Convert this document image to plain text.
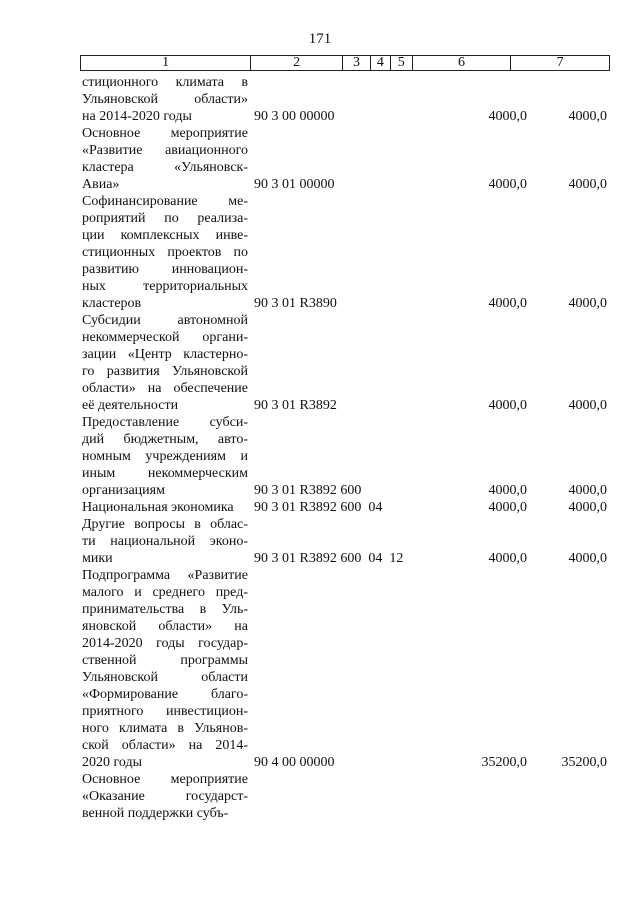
171
1	2	3	4 5	6	7
стиционного климата в
Ульяновской области»
на 2014-2020 годы	90 3 00 00000	4000,0	4000,0
Основное мероприятие
«Развитие авиационного
кластера «Ульяновск-
Авиа»	90 3 01 00000	4000,0	4000,0
Софинансирование ме-
роприятий по реализа-
ции комплексных инве-
стиционных проектов по
развитию инновацион-
ных территориальных
кластеров	90 3 01 R3890	4000,0	4000,0
Субсидии автономной
некоммерческой органи-
зации «Центр кластерно-
го развития Ульяновской
области» на обеспечение
её деятельности	90 3 01 R3892	4000,0	4000,0
Предоставление субси-
дий бюджетным, авто-
номным учреждениям и
иным некоммерческим
организациям	90 3 01 R3892 600	4000,0	4000,0
Национальная экономика	90 3 01 R3892 600  04	4000,0	4000,0
Другие вопросы в облас-
ти национальной эконо-
мики	90 3 01 R3892 600  04  12	4000,0	4000,0
Подпрограмма «Развитие
малого и среднего пред-
принимательства в Уль-
яновской области» на
2014-2020 годы государ-
ственной программы
Ульяновской области
«Формирование благо-
приятного инвестицион-
ного климата в Ульянов-
ской области» на 2014-
2020 годы	90 4 00 00000	35200,0 35200,0
Основное мероприятие
«Оказание государст-
венной поддержки субъ-
